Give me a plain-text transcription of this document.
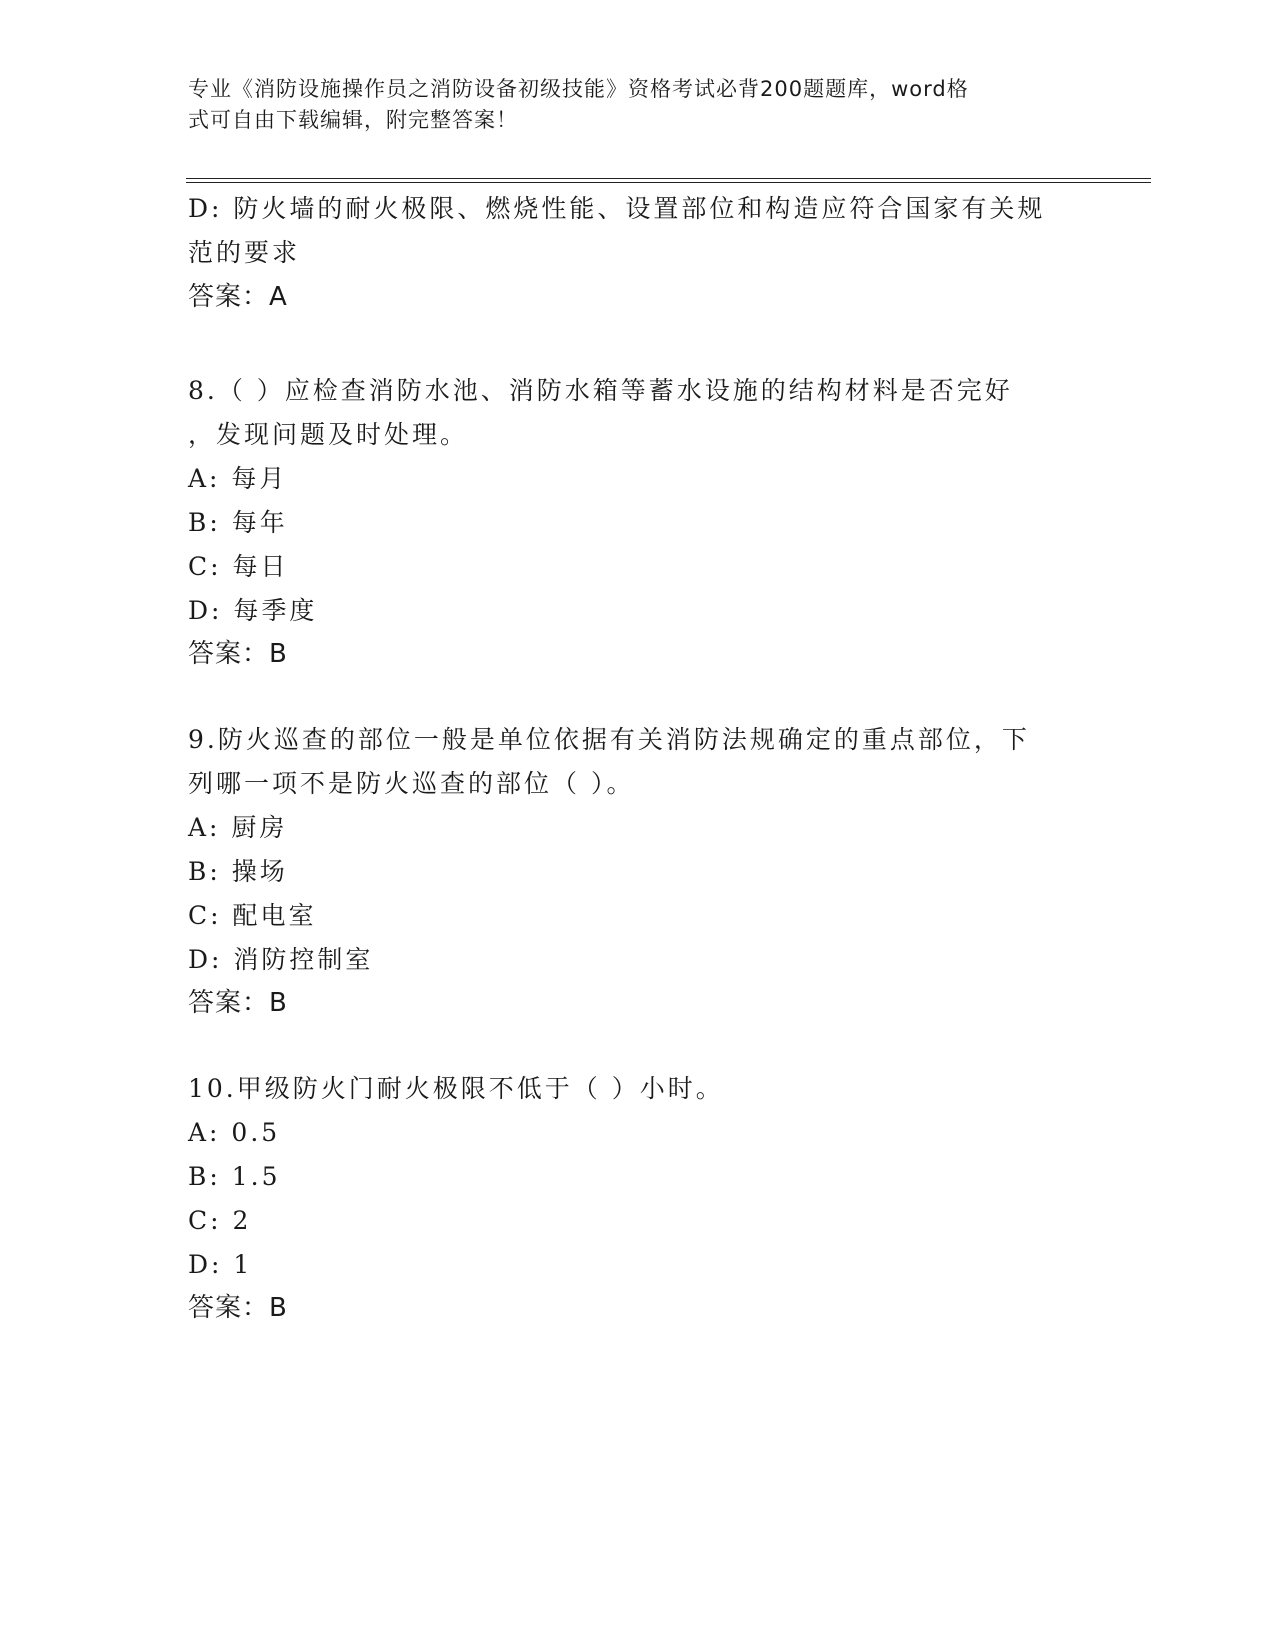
专业《消防设施操作员之消防设备初级技能》资格考试必背200题题库，word格
式可自由下载编辑，附完整答案！
D: 防火墙的耐火极限、燃烧性能、设置部位和构造应符合国家有关规
范的要求
答案：A
8.（ ）应检查消防水池、消防水箱等蓄水设施的结构材料是否完好
，发现问题及时处理。
A: 每月
B: 每年
C: 每日
D: 每季度
答案：B
9.防火巡查的部位一般是单位依据有关消防法规确定的重点部位，下
列哪一项不是防火巡查的部位（ ）。
A: 厨房
B: 操场
C: 配电室
D: 消防控制室
答案：B
10.甲级防火门耐火极限不低于（ ）小时。
A: 0.5
B: 1.5
C: 2
D: 1
答案：B
